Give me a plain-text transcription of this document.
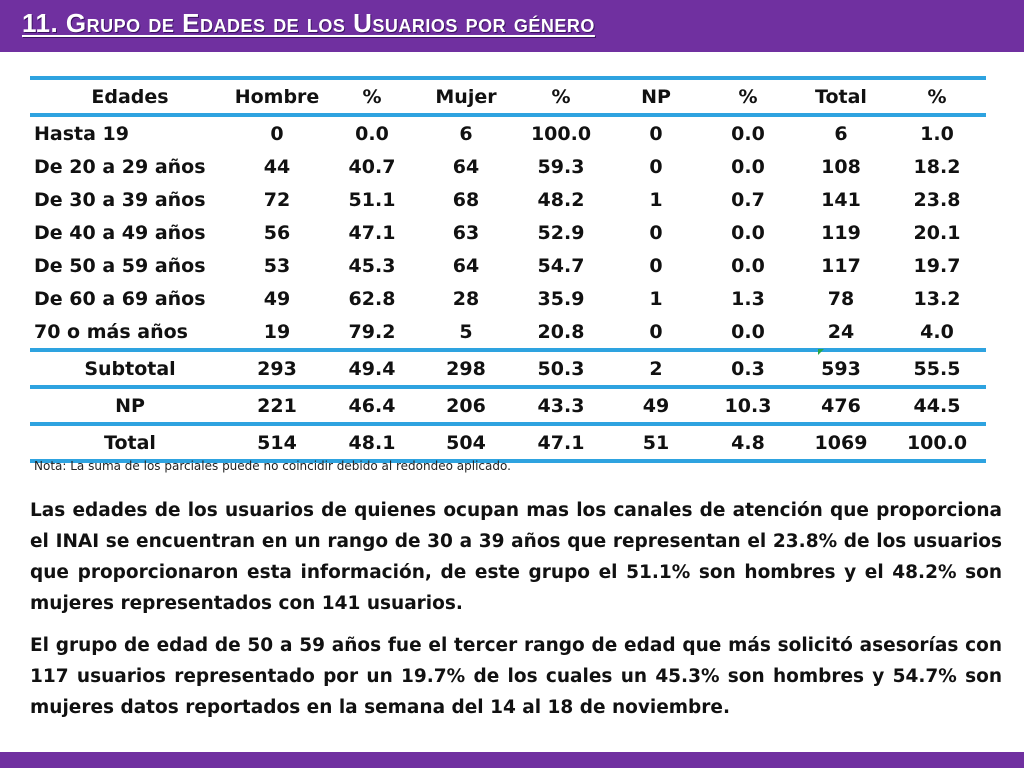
11. Grupo de Edades de los Usuarios por género
Edades	Hombre	%	Mujer	%	NP	%	Total	%
Hasta 19	0	0.0	6	100.0	0	0.0	6	1.0
De 20 a 29 años	44	40.7	64	59.3	0	0.0	108	18.2
De 30 a 39 años	72	51.1	68	48.2	1	0.7	141	23.8
De 40 a 49 años	56	47.1	63	52.9	0	0.0	119	20.1
De 50 a 59 años	53	45.3	64	54.7	0	0.0	117	19.7
De 60 a 69 años	49	62.8	28	35.9	1	1.3	78	13.2
70 o más años	19	79.2	5	20.8	0	0.0	24	4.0
Subtotal	293	49.4	298	50.3	2	0.3	593	55.5
NP	221	46.4	206	43.3	49	10.3	476	44.5
Total	514	48.1	504	47.1	51	4.8	1069	100.0
Nota: La suma de los parciales puede no coincidir debido al redondeo aplicado.
Las edades de los usuarios de quienes ocupan mas los canales de atención que proporciona el INAI se encuentran en un rango de 30 a 39 años que representan el 23.8% de los usuarios que proporcionaron esta información, de este grupo el 51.1% son hombres y el 48.2% son mujeres representados con 141 usuarios.
El grupo de edad de 50 a 59 años fue el tercer rango de edad que más solicitó asesorías con 117 usuarios representado por un 19.7% de los cuales un 45.3% son hombres y 54.7% son mujeres datos reportados en la semana del 14 al 18 de noviembre.
